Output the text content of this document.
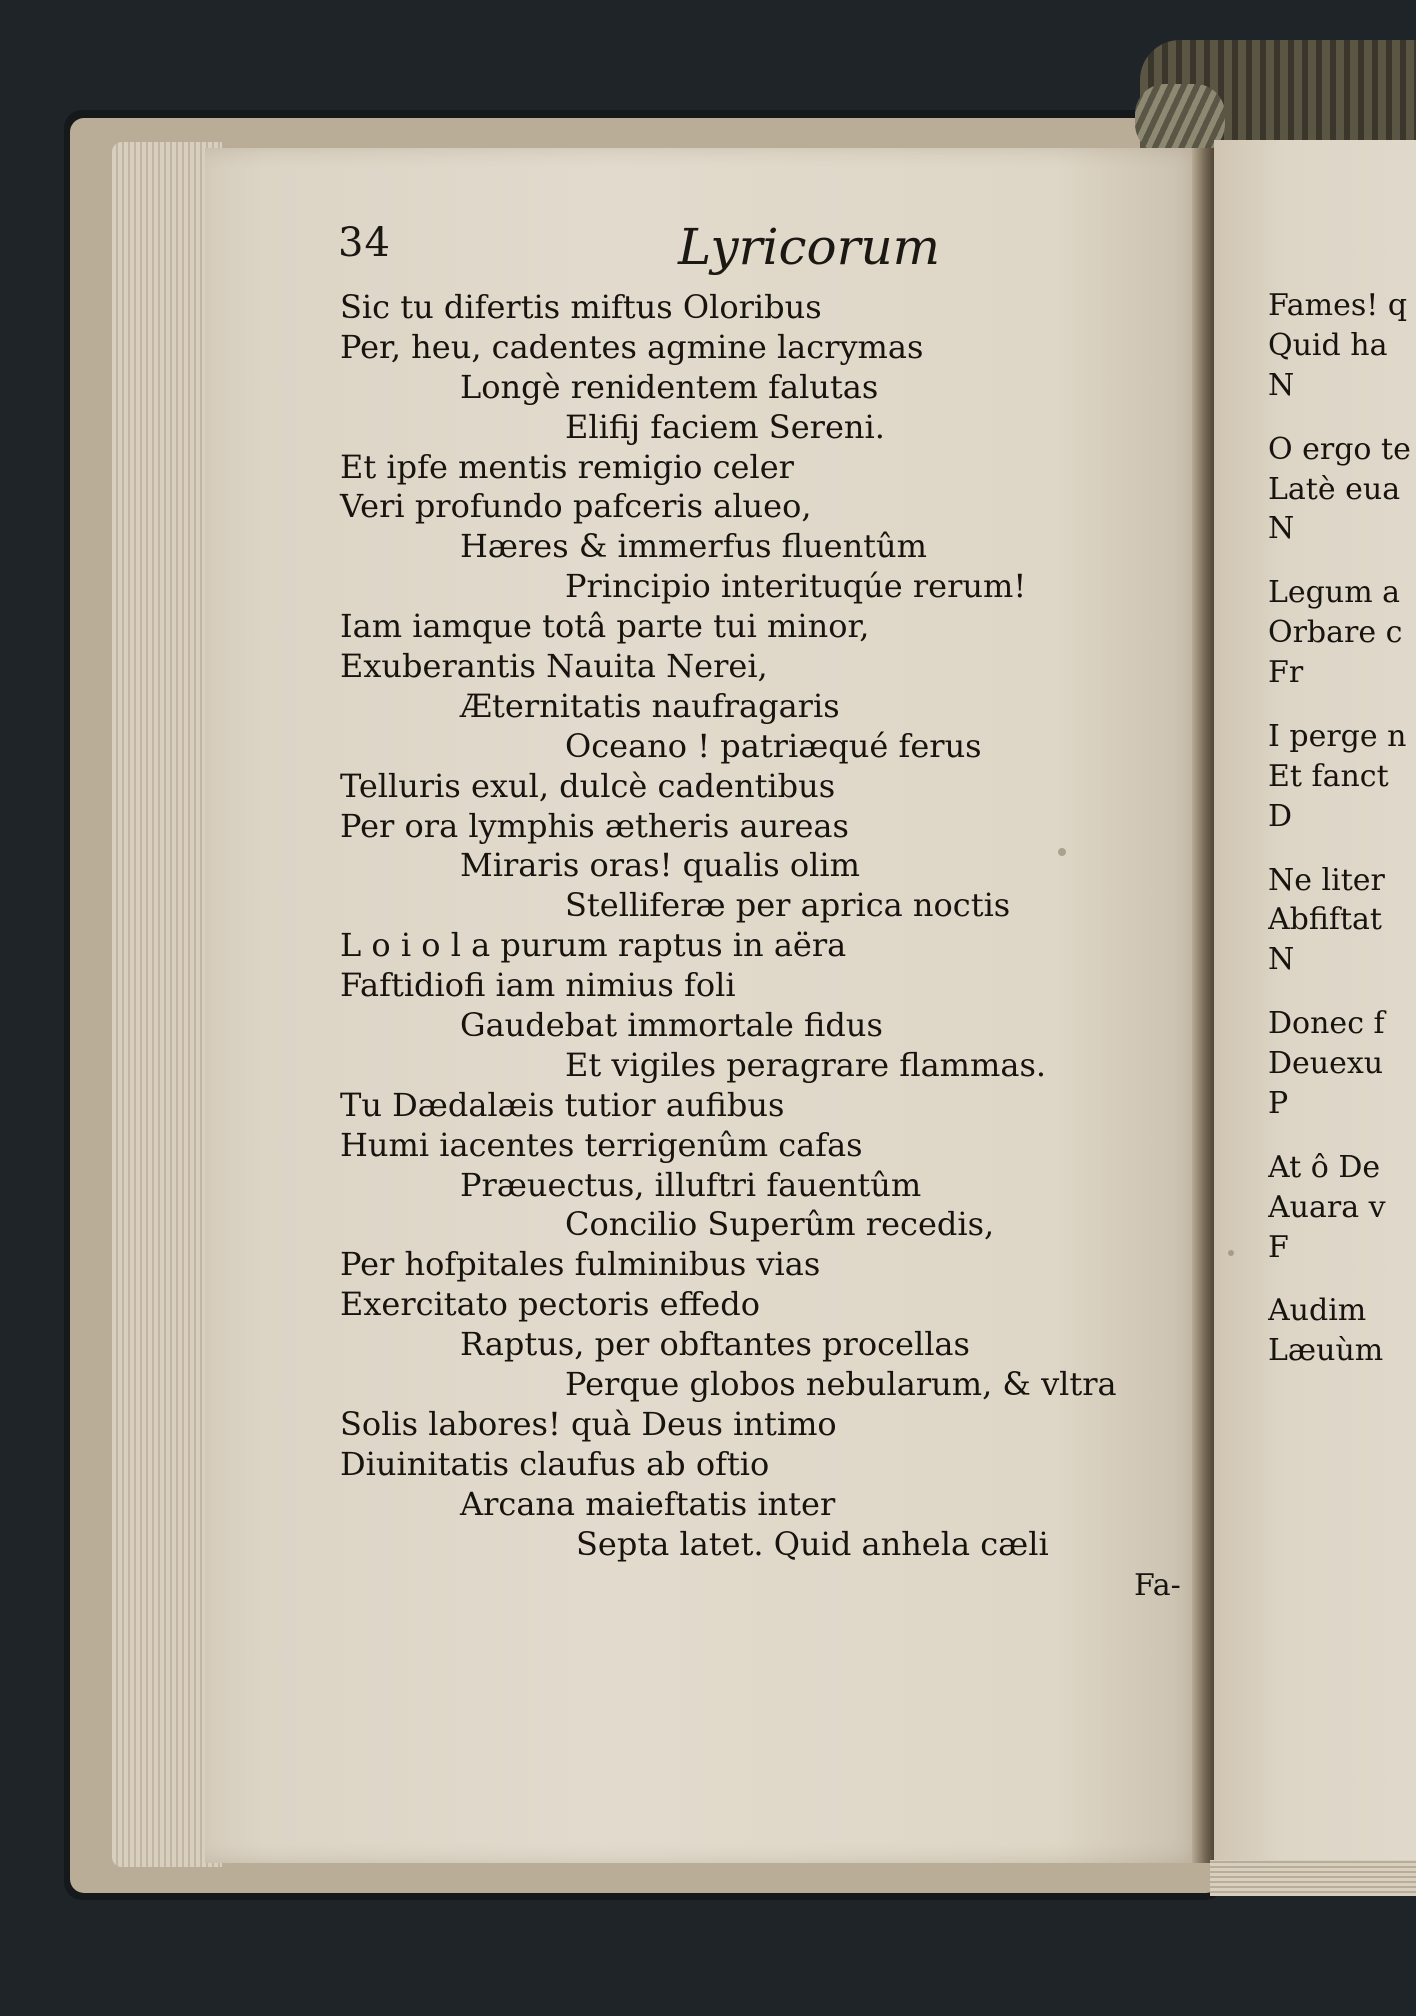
34	Lyricorum
Sic tu difertis miftus Oloribus
Per, heu, cadentes agmine lacrymas
Longè renidentem falutas
Elifij faciem Sereni.
Et ipfe mentis remigio celer
Veri profundo pafceris alueo,
Hæres & immerfus fluentûm
Principio interituqúe rerum!
Iam iamque totâ parte tui minor,
Exuberantis Nauita Nerei,
Æternitatis naufragaris
Oceano ! patriæqué ferus
Telluris exul, dulcè cadentibus
Per ora lymphis ætheris aureas
Miraris oras! qualis olim
Stelliferæ per aprica noctis
L o i o l a purum raptus in aëra
Faftidiofi iam nimius foli
Gaudebat immortale fidus
Et vigiles peragrare flammas.
Tu Dædalæis tutior aufibus
Humi iacentes terrigenûm cafas
Præuectus, illuftri fauentûm
Concilio Superûm recedis,
Per hofpitales fulminibus vias
Exercitato pectoris effedo
Raptus, per obftantes procellas
Perque globos nebularum, & vltra
Solis labores! quà Deus intimo
Diuinitatis claufus ab oftio
Arcana maieftatis inter
Septa latet. Quid anhela cæli
Fa-
Fames! q
Quid ha
N
O ergo te
Latè eua
N
Legum a
Orbare c
Fr
I perge n
Et fanct
D
Ne liter
Abfiftat
N
Donec f
Deuexu
P
At ô De
Auara v
F
Audim
Læuùm
